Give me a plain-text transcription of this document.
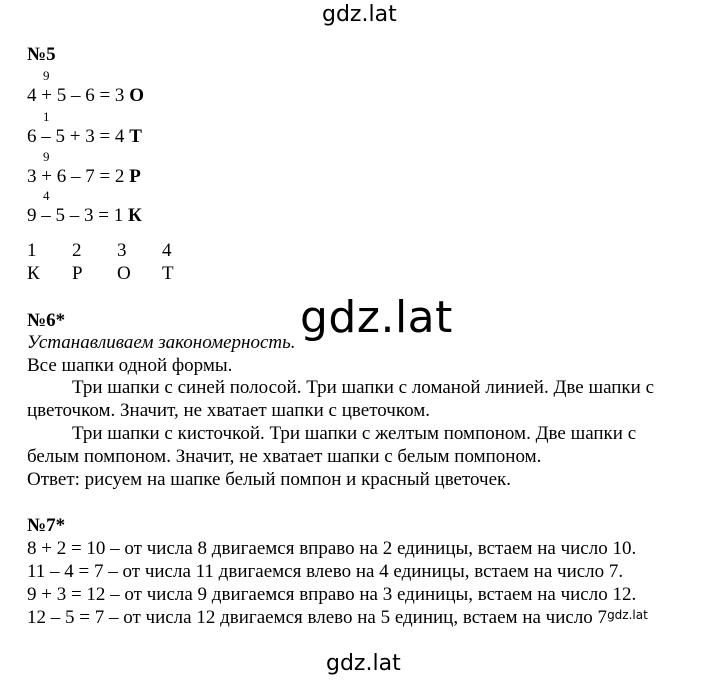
gdz.lat
gdz.lat
gdz.lat
№5
9
4 + 5 – 6 = 3 О
1
6 – 5 + 3 = 4 Т
9
3 + 6 – 7 = 2 Р
4
9 – 5 – 3 = 1 К
1 2 3 4
К Р О Т
№6*
Устанавливаем закономерность.
Все шапки одной формы.
Три шапки с синей полосой. Три шапки с ломаной линией. Две шапки с
цветочком. Значит, не хватает шапки с цветочком.
Три шапки с кисточкой. Три шапки с желтым помпоном. Две шапки с
белым помпоном. Значит, не хватает шапки с белым помпоном.
Ответ: рисуем на шапке белый помпон и красный цветочек.
№7*
8 + 2 = 10 – от числа 8 двигаемся вправо на 2 единицы, встаем на число 10.
11 – 4 = 7 – от числа 11 двигаемся влево на 4 единицы, встаем на число 7.
9 + 3 = 12 – от числа 9 двигаемся вправо на 3 единицы, встаем на число 12.
12 – 5 = 7 – от числа 12 двигаемся влево на 5 единиц, встаем на число $7^{gdz.lat}$
